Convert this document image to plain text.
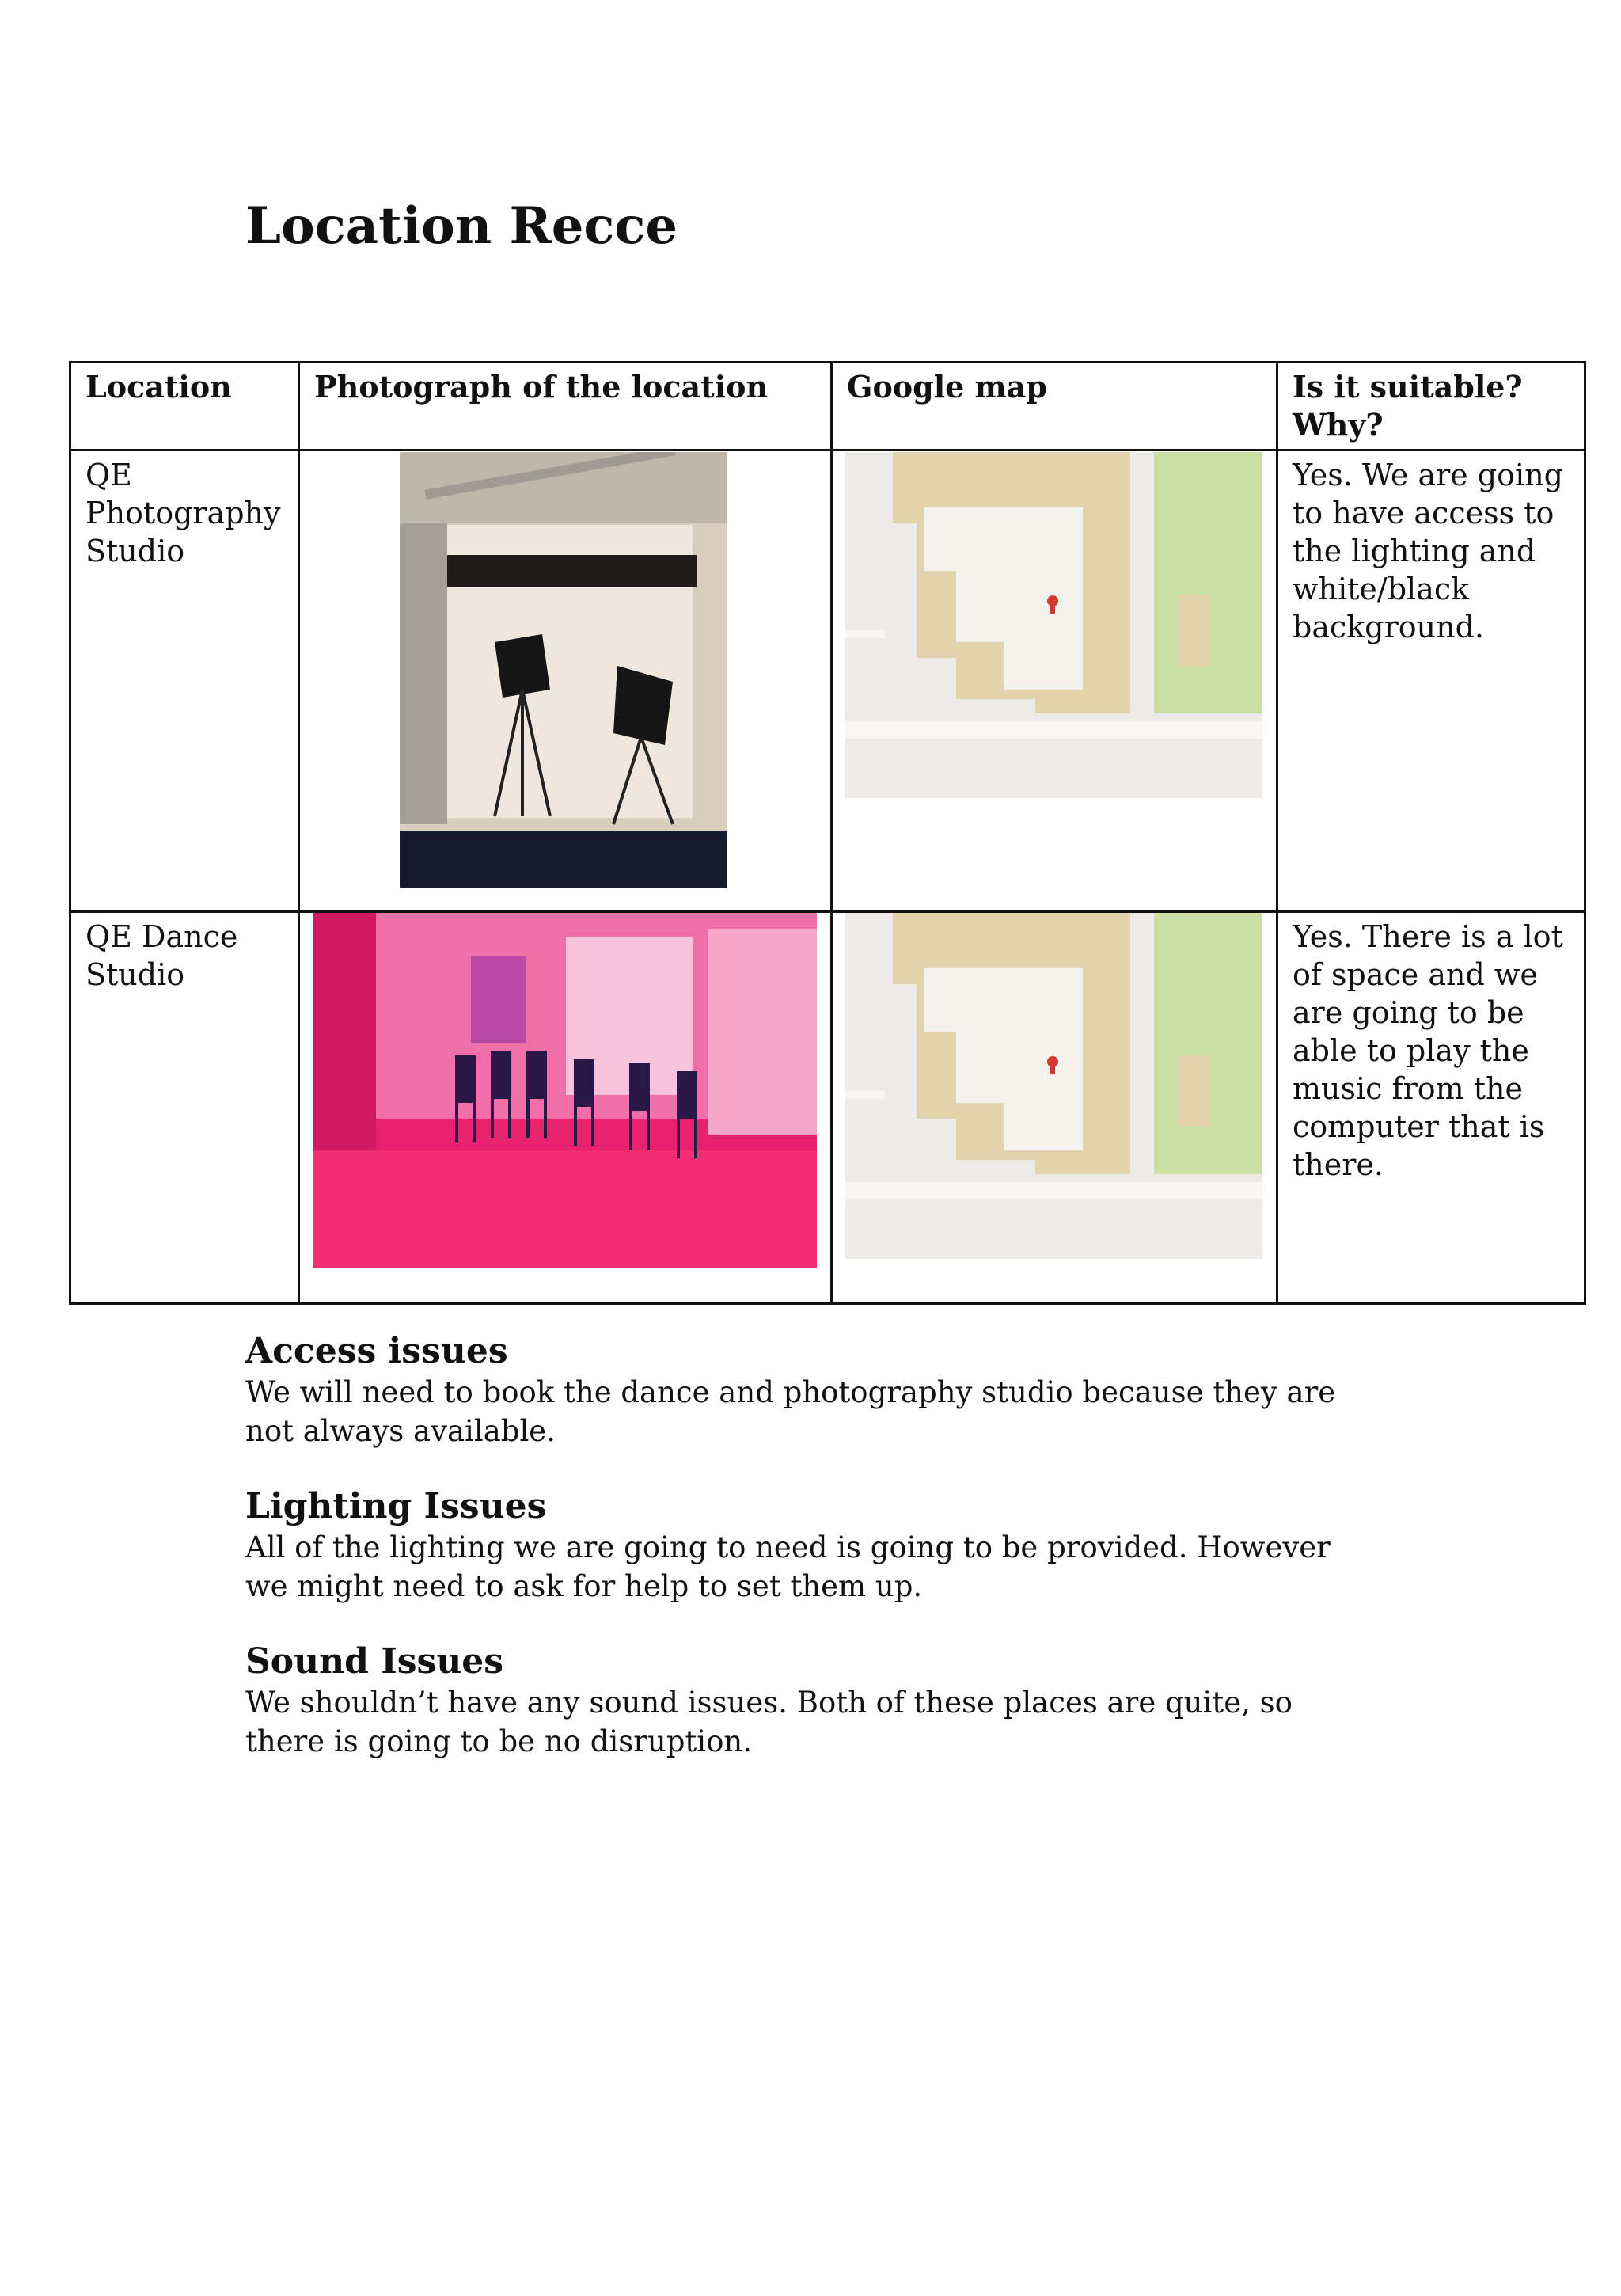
Location Recce
Location	Photograph of the location	Google map	Is it suitable? Why?
QE Photography Studio			Yes. We are going to have access to the lighting and white/black background.
QE Dance Studio			Yes. There is a lot of space and we are going to be able to play the music from the computer that is there.
Access issues

We will need to book the dance and photography studio because they are not always available.

Lighting Issues

All of the lighting we are going to need is going to be provided. However we might need to ask for help to set them up.

Sound Issues

We shouldn’t have any sound issues. Both of these places are quite, so there is going to be no disruption.
